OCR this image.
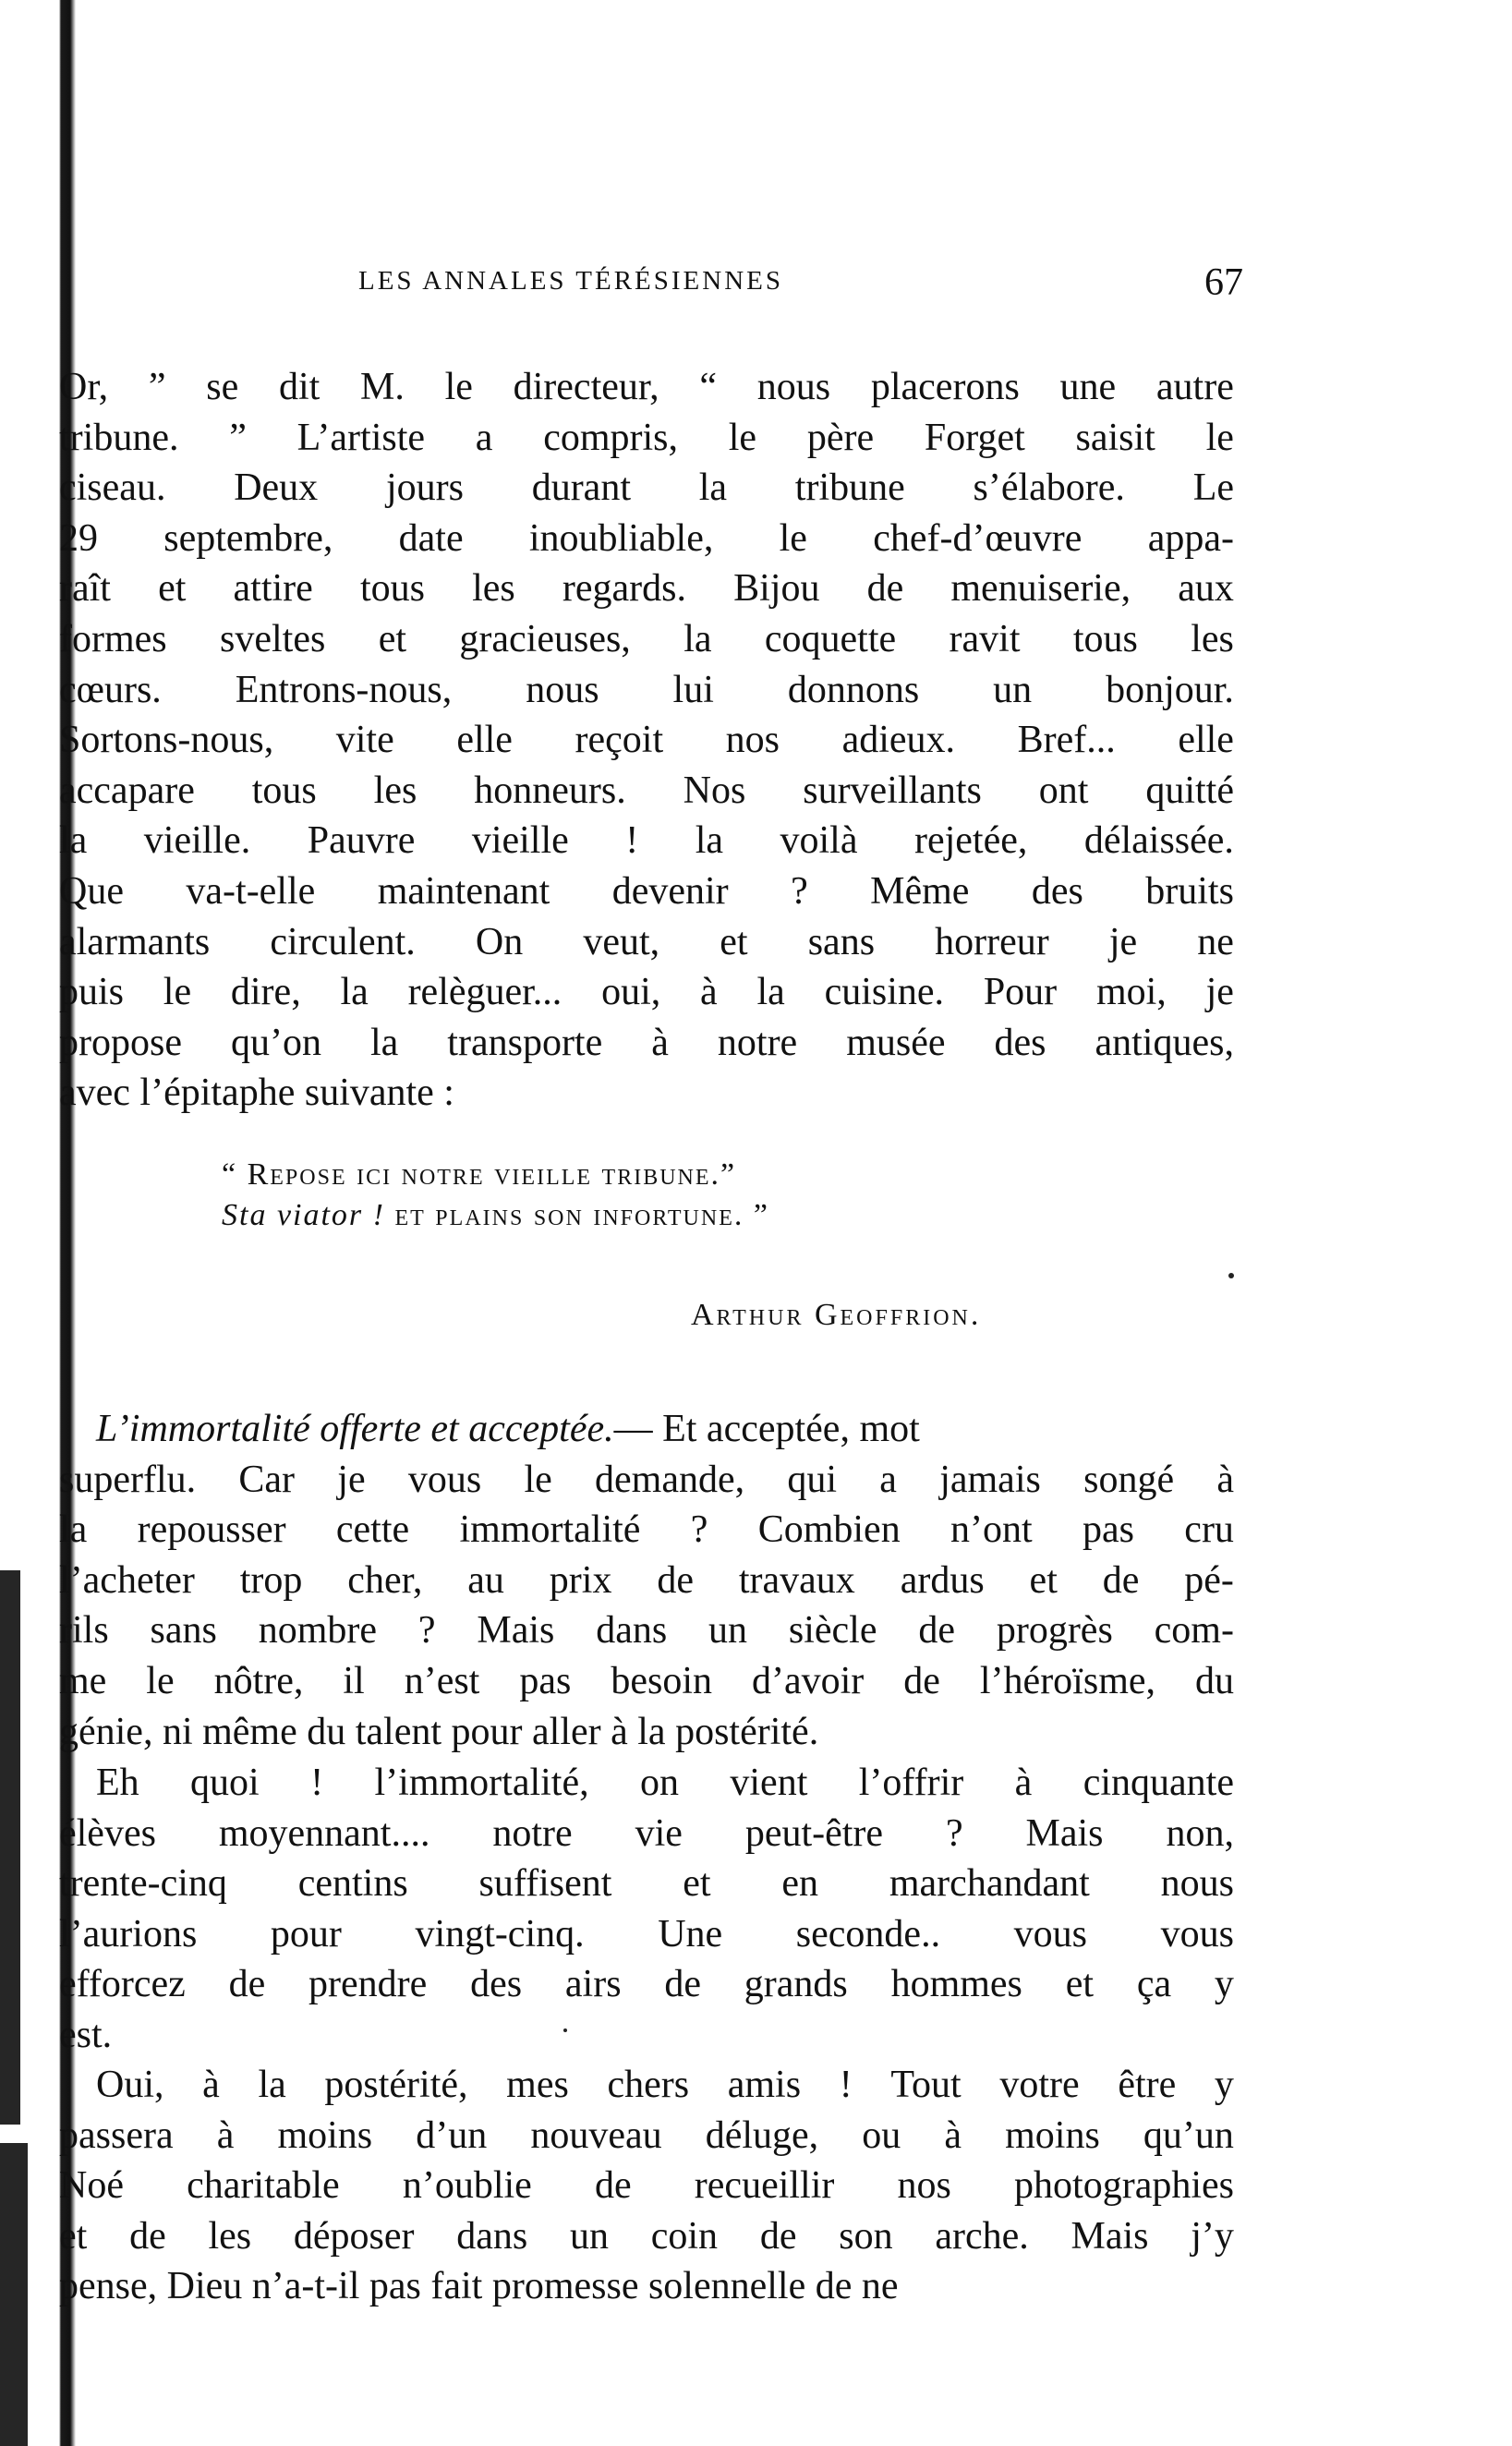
LES ANNALES TÉRÉSIENNES	67
Or, ” se dit M. le directeur, “ nous placerons une autre
tribune. ” L’artiste a compris, le père Forget saisit le
ciseau. Deux jours durant la tribune s’élabore. Le
29 septembre, date inoubliable, le chef-d’œuvre appa-
raît et attire tous les regards. Bijou de menuiserie, aux
formes sveltes et gracieuses, la coquette ravit tous les
cœurs. Entrons-nous, nous lui donnons un bonjour.
Sortons-nous, vite elle reçoit nos adieux. Bref... elle
accapare tous les honneurs. Nos surveillants ont quitté
la vieille. Pauvre vieille ! la voilà rejetée, délaissée.
Que va-t-elle maintenant devenir ? Même des bruits
alarmants circulent. On veut, et sans horreur je ne
puis le dire, la relèguer... oui, à la cuisine. Pour moi, je
propose qu’on la transporte à notre musée des antiques,
avec l’épitaphe suivante :
“ Repose ici notre vieille tribune.”
Sta viator ! et plains son infortune. ”
Arthur Geoffrion.
L’immortalité offerte et acceptée. — Et acceptée, mot
superflu. Car je vous le demande, qui a jamais songé à
la repousser cette immortalité ? Combien n’ont pas cru
l’acheter trop cher, au prix de travaux ardus et de pé-
rils sans nombre ? Mais dans un siècle de progrès com-
me le nôtre, il n’est pas besoin d’avoir de l’héroïsme, du
génie, ni même du talent pour aller à la postérité.
Eh quoi ! l’immortalité, on vient l’offrir à cinquante
élèves moyennant.... notre vie peut-être ? Mais non,
trente-cinq centins suffisent et en marchandant nous
l’aurions pour vingt-cinq. Une seconde.. vous vous
efforcez de prendre des airs de grands hommes et ça y
est.
Oui, à la postérité, mes chers amis ! Tout votre être y
passera à moins d’un nouveau déluge, ou à moins qu’un
Noé charitable n’oublie de recueillir nos photographies
et de les déposer dans un coin de son arche. Mais j’y
pense, Dieu n’a-t-il pas fait promesse solennelle de ne
